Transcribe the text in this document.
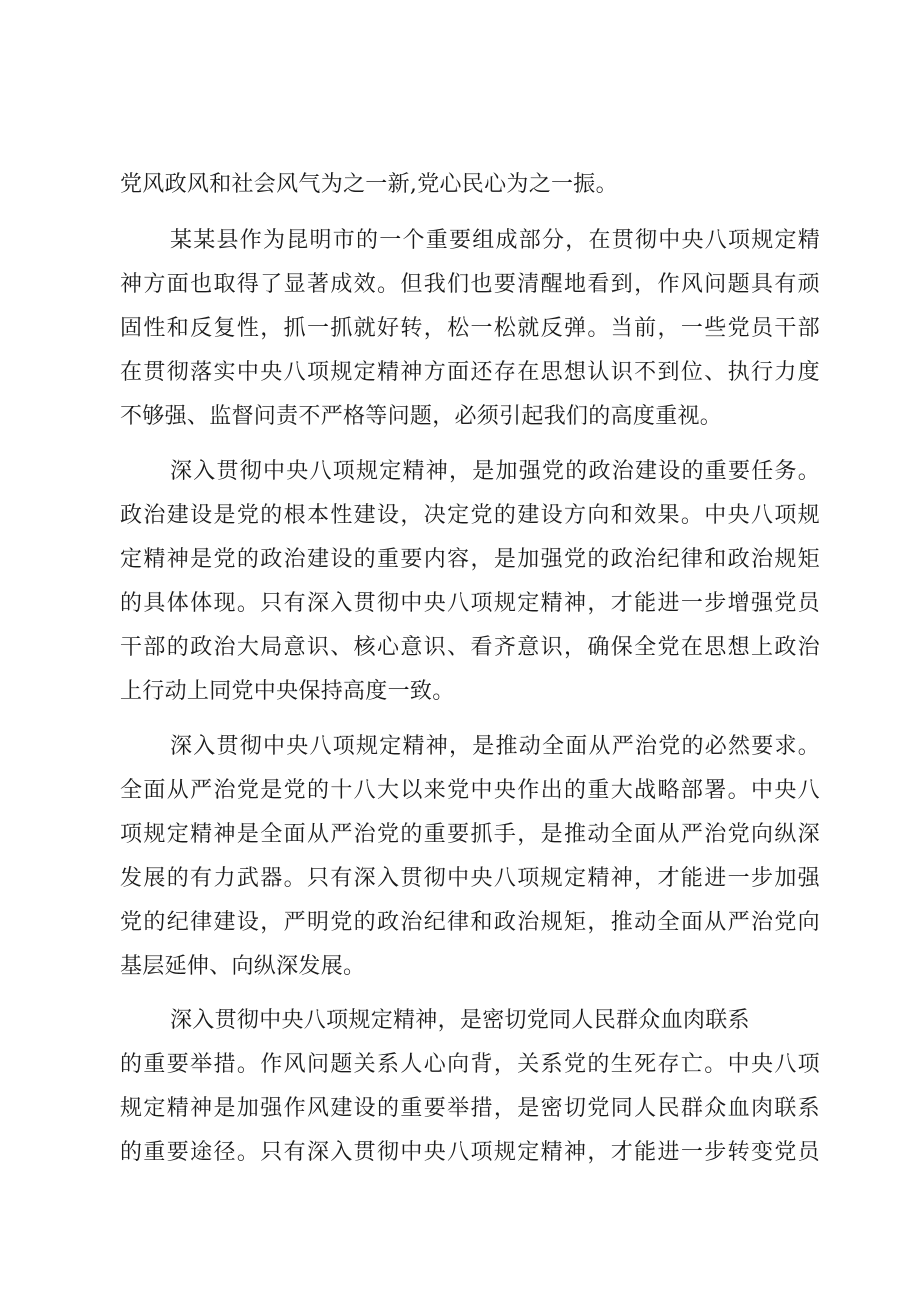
党风政风和社会风气为之一新,党心民心为之一振。
某某县作为昆明市的一个重要组成部分，在贯彻中央八项规定精
神方面也取得了显著成效。但我们也要清醒地看到，作风问题具有顽
固性和反复性，抓一抓就好转，松一松就反弹。当前，一些党员干部
在贯彻落实中央八项规定精神方面还存在思想认识不到位、执行力度
不够强、监督问责不严格等问题，必须引起我们的高度重视。
深入贯彻中央八项规定精神，是加强党的政治建设的重要任务。
政治建设是党的根本性建设，决定党的建设方向和效果。中央八项规
定精神是党的政治建设的重要内容，是加强党的政治纪律和政治规矩
的具体体现。只有深入贯彻中央八项规定精神，才能进一步增强党员
干部的政治大局意识、核心意识、看齐意识，确保全党在思想上政治
上行动上同党中央保持高度一致。
深入贯彻中央八项规定精神，是推动全面从严治党的必然要求。
全面从严治党是党的十八大以来党中央作出的重大战略部署。中央八
项规定精神是全面从严治党的重要抓手，是推动全面从严治党向纵深
发展的有力武器。只有深入贯彻中央八项规定精神，才能进一步加强
党的纪律建设，严明党的政治纪律和政治规矩，推动全面从严治党向
基层延伸、向纵深发展。
深入贯彻中央八项规定精神，是密切党同人民群众血肉联系
的重要举措。作风问题关系人心向背，关系党的生死存亡。中央八项
规定精神是加强作风建设的重要举措，是密切党同人民群众血肉联系
的重要途径。只有深入贯彻中央八项规定精神，才能进一步转变党员
